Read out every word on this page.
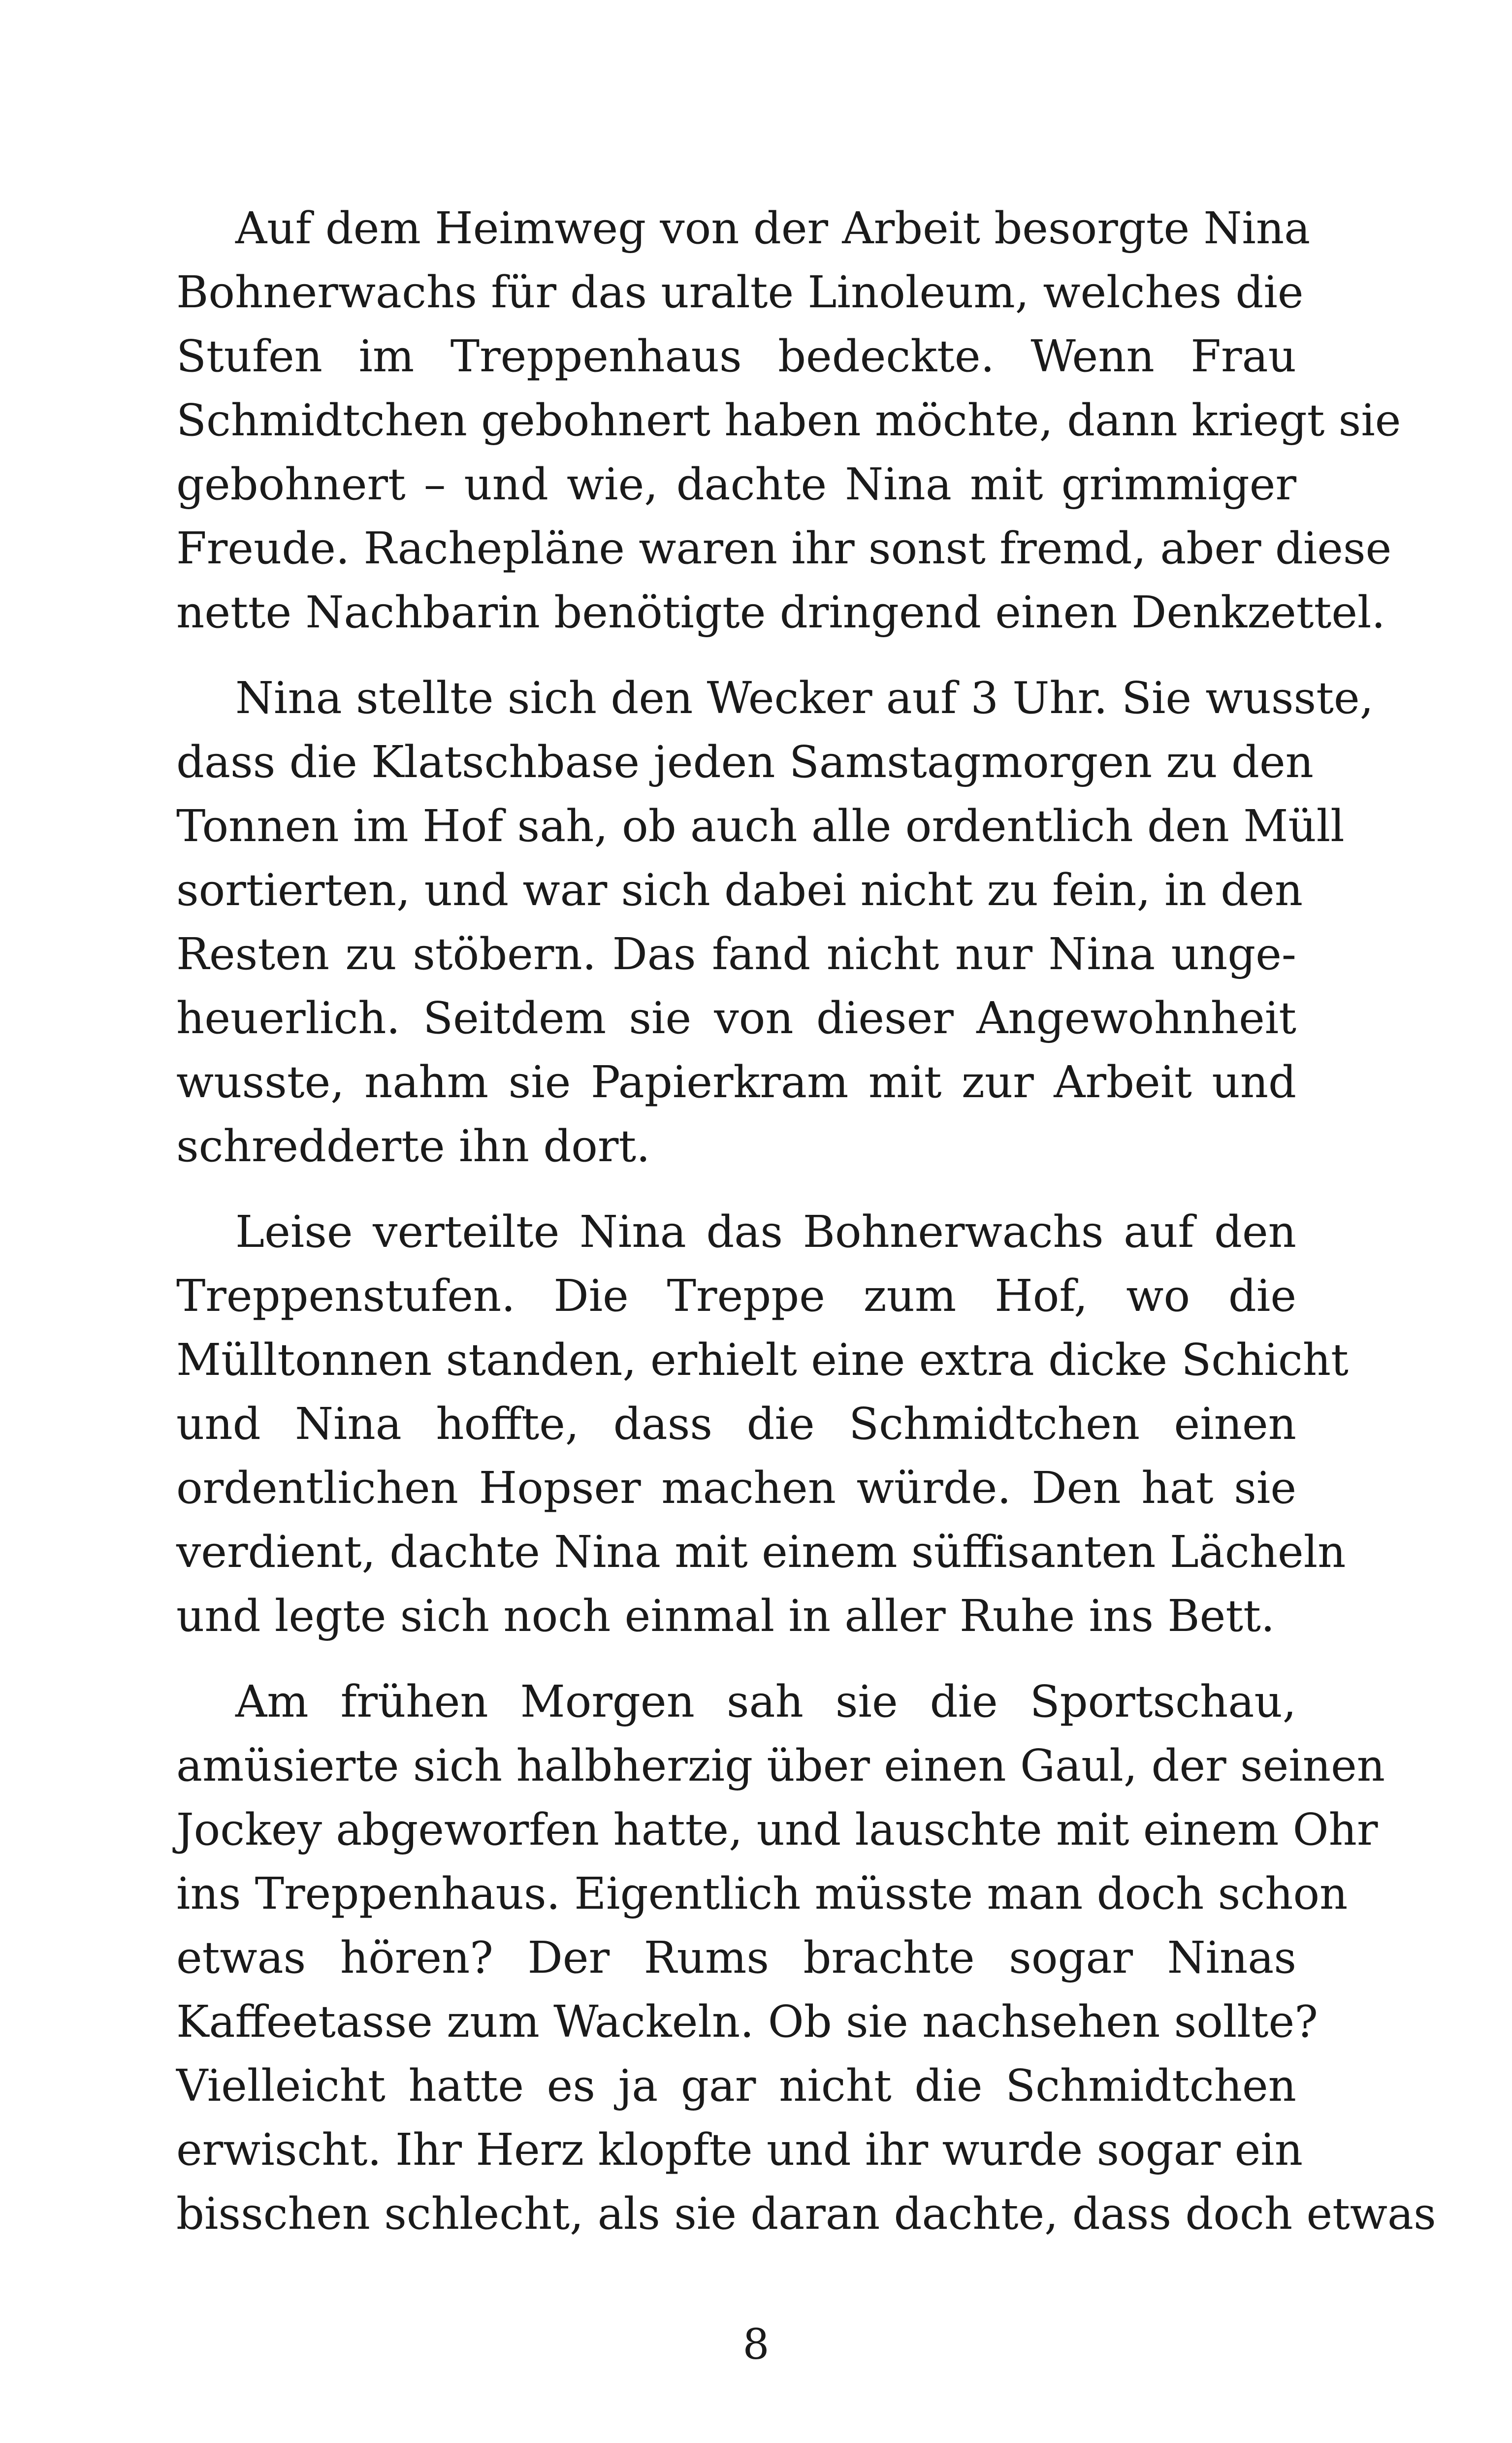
Auf dem Heimweg von der Arbeit besorgte Nina
Bohnerwachs für das uralte Linoleum, welches die
Stufen im Treppenhaus bedeckte. Wenn Frau
Schmidtchen gebohnert haben möchte, dann kriegt sie
gebohnert – und wie, dachte Nina mit grimmiger
Freude. Rachepläne waren ihr sonst fremd, aber diese
nette Nachbarin benötigte dringend einen Denkzettel.
Nina stellte sich den Wecker auf 3 Uhr. Sie wusste,
dass die Klatschbase jeden Samstagmorgen zu den
Tonnen im Hof sah, ob auch alle ordentlich den Müll
sortierten, und war sich dabei nicht zu fein, in den
Resten zu stöbern. Das fand nicht nur Nina unge-
heuerlich. Seitdem sie von dieser Angewohnheit
wusste, nahm sie Papierkram mit zur Arbeit und
schredderte ihn dort.
Leise verteilte Nina das Bohnerwachs auf den
Treppenstufen. Die Treppe zum Hof, wo die
Mülltonnen standen, erhielt eine extra dicke Schicht
und Nina hoffte, dass die Schmidtchen einen
ordentlichen Hopser machen würde. Den hat sie
verdient, dachte Nina mit einem süffisanten Lächeln
und legte sich noch einmal in aller Ruhe ins Bett.
Am frühen Morgen sah sie die Sportschau,
amüsierte sich halbherzig über einen Gaul, der seinen
Jockey abgeworfen hatte, und lauschte mit einem Ohr
ins Treppenhaus. Eigentlich müsste man doch schon
etwas hören? Der Rums brachte sogar Ninas
Kaffeetasse zum Wackeln. Ob sie nachsehen sollte?
Vielleicht hatte es ja gar nicht die Schmidtchen
erwischt. Ihr Herz klopfte und ihr wurde sogar ein
bisschen schlecht, als sie daran dachte, dass doch etwas
8
